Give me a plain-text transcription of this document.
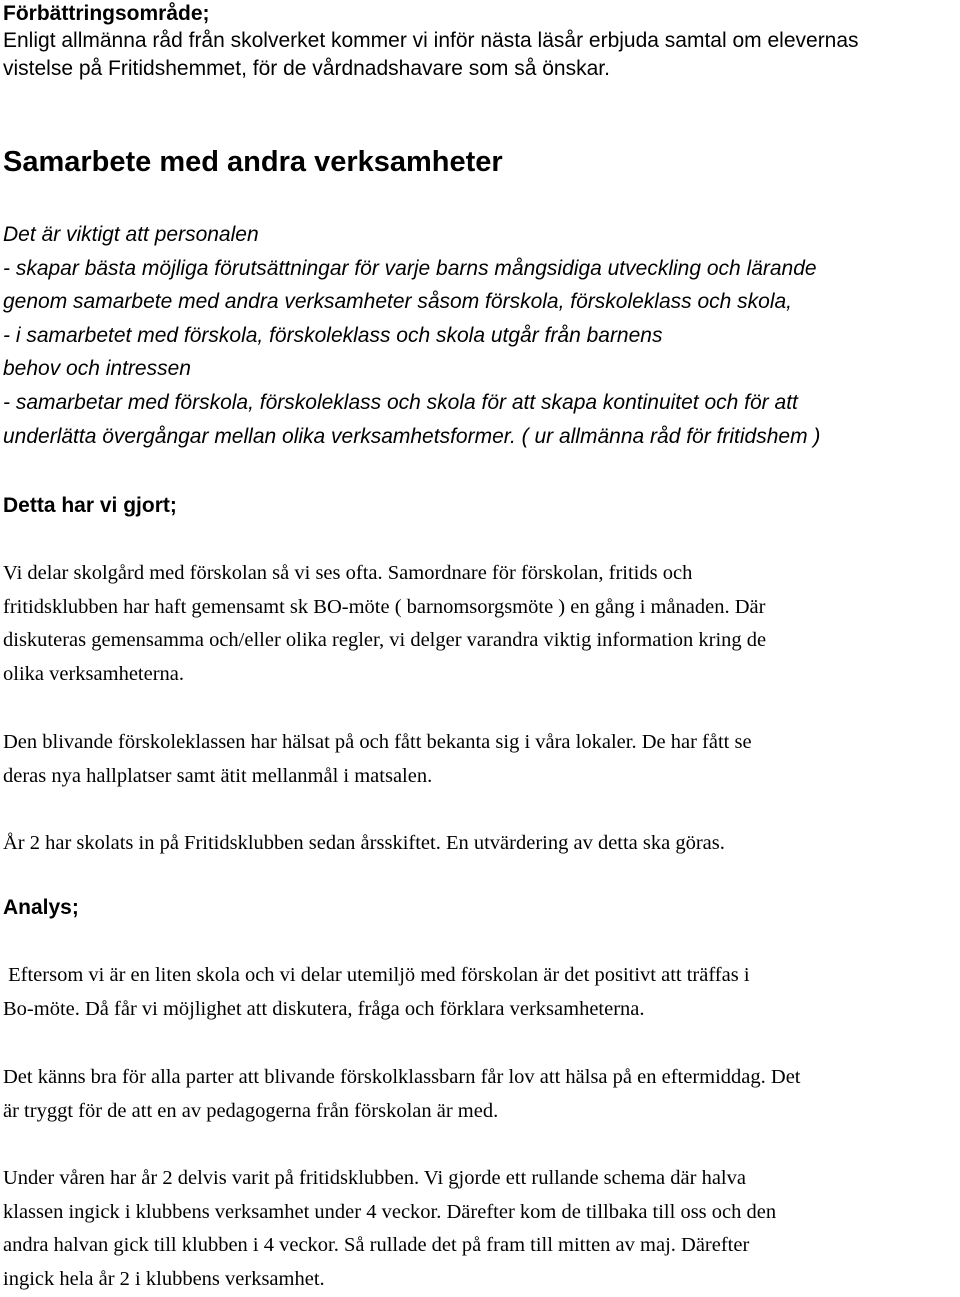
Förbättringsområde;
Enligt allmänna råd från skolverket kommer vi inför nästa läsår erbjuda samtal om elevernas
vistelse på Fritidshemmet, för de vårdnadshavare som så önskar.
Samarbete med andra verksamheter
Det är viktigt att personalen
- skapar bästa möjliga förutsättningar för varje barns mångsidiga utveckling och lärande
genom samarbete med andra verksamheter såsom förskola, förskoleklass och skola,
- i samarbetet med förskola, förskoleklass och skola utgår från barnens
behov och intressen
- samarbetar med förskola, förskoleklass och skola för att skapa kontinuitet och för att
underlätta övergångar mellan olika verksamhetsformer. ( ur allmänna råd för fritidshem )
Detta har vi gjort;
Vi delar skolgård med förskolan så vi ses ofta. Samordnare för förskolan, fritids och
fritidsklubben har haft gemensamt sk BO-möte ( barnomsorgsmöte ) en gång i månaden. Där
diskuteras gemensamma och/eller olika regler, vi delger varandra viktig information kring de
olika verksamheterna.
Den blivande förskoleklassen har hälsat på och fått bekanta sig i våra lokaler. De har fått se
deras nya hallplatser samt ätit mellanmål i matsalen.
År 2 har skolats in på Fritidsklubben sedan årsskiftet. En utvärdering av detta ska göras.
Analys;
Eftersom vi är en liten skola och vi delar utemiljö med förskolan är det positivt att träffas i
Bo-möte. Då får vi möjlighet att diskutera, fråga och förklara verksamheterna.
Det känns bra för alla parter att blivande förskolklassbarn får lov att hälsa på en eftermiddag. Det
är tryggt för de att en av pedagogerna från förskolan är med.
Under våren har år 2 delvis varit på fritidsklubben. Vi gjorde ett rullande schema där halva
klassen ingick i klubbens verksamhet under 4 veckor. Därefter kom de tillbaka till oss och den
andra halvan gick till klubben i 4 veckor. Så rullade det på fram till mitten av maj. Därefter
ingick hela år 2 i klubbens verksamhet.
